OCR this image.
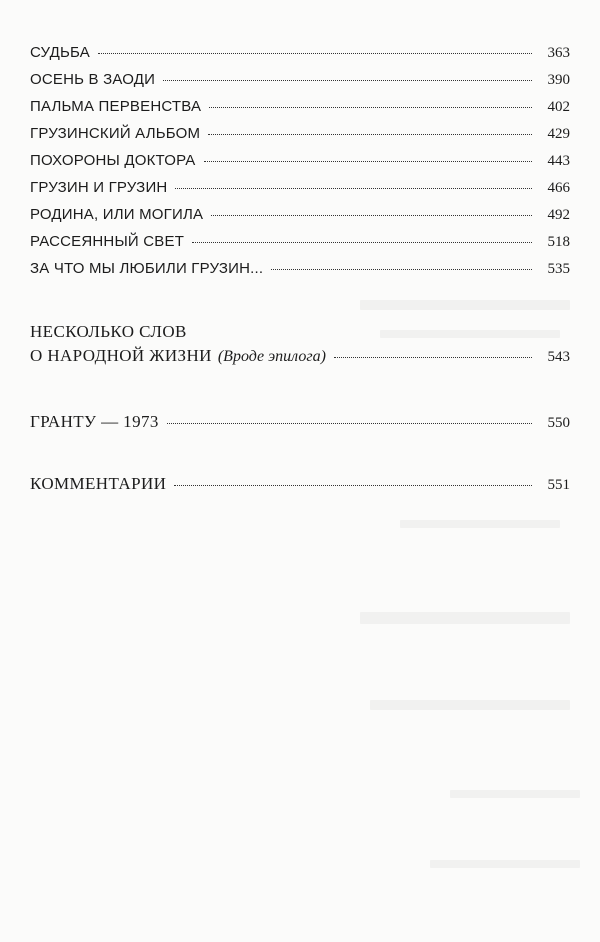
СУДЬБА	363
ОСЕНЬ В ЗАОДИ	390
ПАЛЬМА ПЕРВЕНСТВА	402
ГРУЗИНСКИЙ АЛЬБОМ	429
ПОХОРОНЫ ДОКТОРА	443
ГРУЗИН И ГРУЗИН	466
РОДИНА, ИЛИ МОГИЛА	492
РАССЕЯННЫЙ СВЕТ	518
ЗА ЧТО МЫ ЛЮБИЛИ ГРУЗИН...	535
НЕСКОЛЬКО СЛОВ
О НАРОДНОЙ ЖИЗНИ (Вроде эпилога)	543
ГРАНТУ — 1973	550
КОММЕНТАРИИ	551
